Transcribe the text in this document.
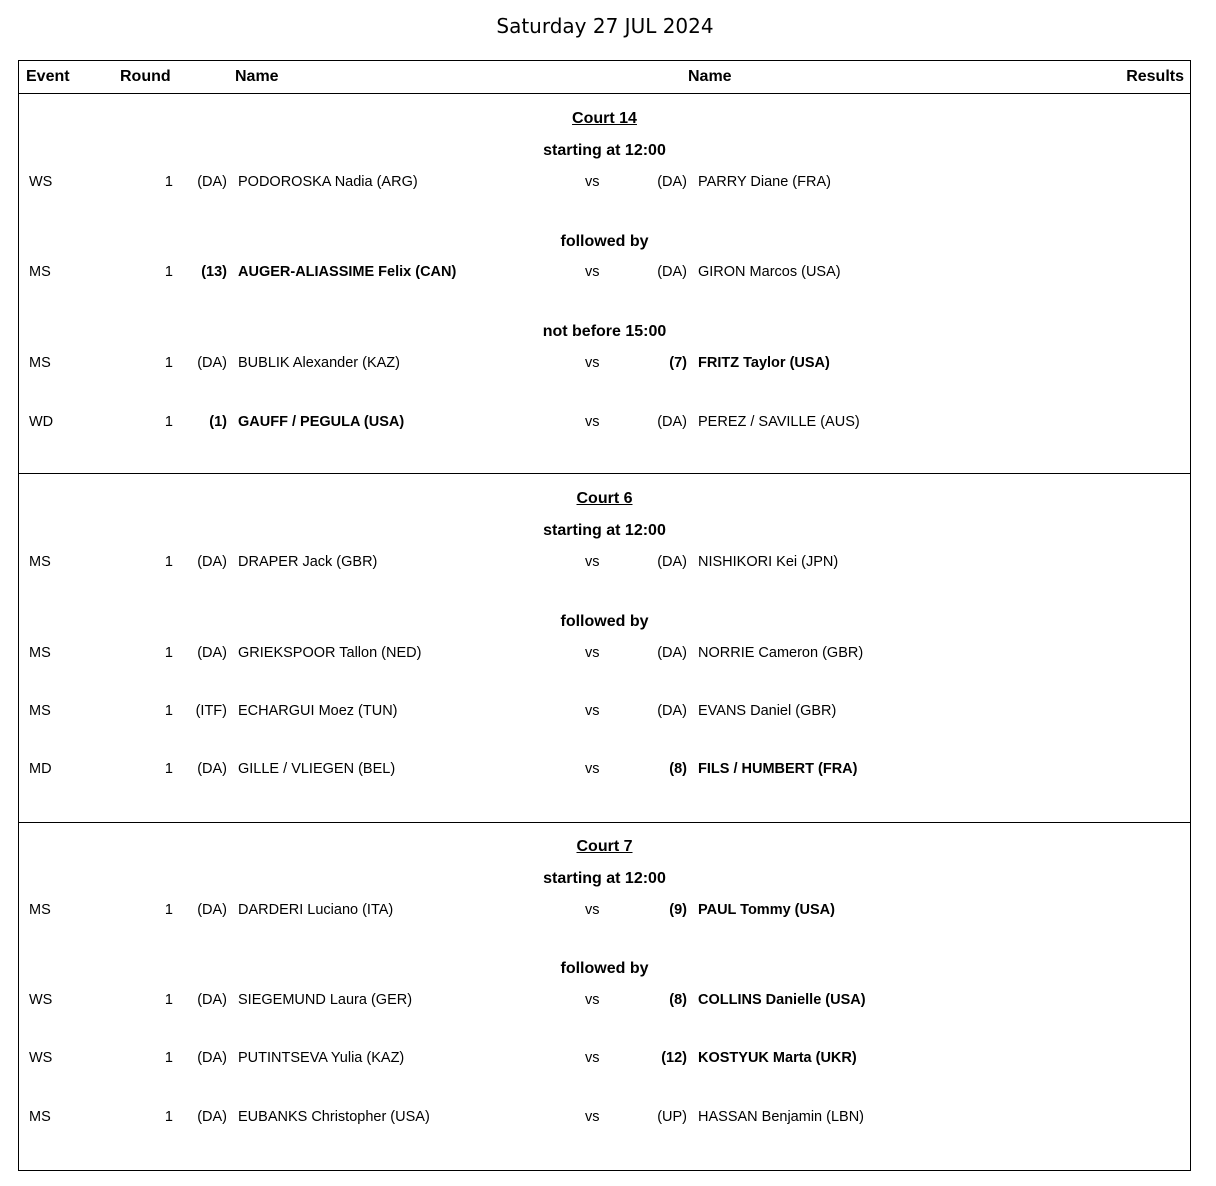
Saturday 27 JUL 2024
Event	Round	Name	Name	Results
Court 14
starting at 12:00
WS	1	(DA) PODOROSKA Nadia (ARG)	vs	(DA) PARRY Diane (FRA)
followed by
MS	1	(13) AUGER-ALIASSIME Felix (CAN)	vs	(DA) GIRON Marcos (USA)
not before 15:00
MS	1	(DA) BUBLIK Alexander (KAZ)	vs	(7) FRITZ Taylor (USA)
WD	1	(1) GAUFF / PEGULA (USA)	vs	(DA) PEREZ / SAVILLE (AUS)
Court 6
starting at 12:00
MS	1	(DA) DRAPER Jack (GBR)	vs	(DA) NISHIKORI Kei (JPN)
followed by
MS	1	(DA) GRIEKSPOOR Tallon (NED)	vs	(DA) NORRIE Cameron (GBR)
MS	1	(ITF) ECHARGUI Moez (TUN)	vs	(DA) EVANS Daniel (GBR)
MD	1	(DA) GILLE / VLIEGEN (BEL)	vs	(8) FILS / HUMBERT (FRA)
Court 7
starting at 12:00
MS	1	(DA) DARDERI Luciano (ITA)	vs	(9) PAUL Tommy (USA)
followed by
WS	1	(DA) SIEGEMUND Laura (GER)	vs	(8) COLLINS Danielle (USA)
WS	1	(DA) PUTINTSEVA Yulia (KAZ)	vs	(12) KOSTYUK Marta (UKR)
MS	1	(DA) EUBANKS Christopher (USA)	vs	(UP) HASSAN Benjamin (LBN)
